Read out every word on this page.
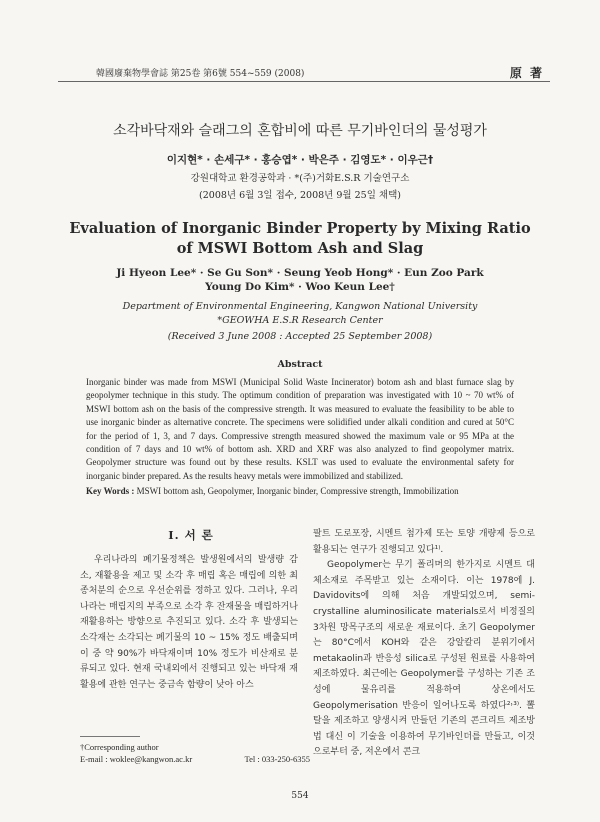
韓國廢棄物學會誌 第25卷 第6號 554~559 (2008)	原 著
소각바닥재와 슬래그의 혼합비에 따른 무기바인더의 물성평가
이지현* · 손세구* · 홍승엽* · 박은주 · 김영도* · 이우근†
강원대학교 환경공학과 · *(주)거화E.S.R 기술연구소
(2008년 6월 3일 접수, 2008년 9월 25일 채택)
Evaluation of Inorganic Binder Property by Mixing Ratio
of MSWI Bottom Ash and Slag
Ji Hyeon Lee* · Se Gu Son* · Seung Yeob Hong* · Eun Zoo Park
Young Do Kim* · Woo Keun Lee†
Department of Environmental Engineering, Kangwon National University
*GEOWHA E.S.R Research Center
(Received 3 June 2008 : Accepted 25 September 2008)
Abstract
Inorganic binder was made from MSWI (Municipal Solid Waste Incinerator) botom ash and blast furnace slag by geopolymer technique in this study. The optimum condition of preparation was investigated with 10 ~ 70 wt% of MSWI bottom ash on the basis of the compressive strength. It was measured to evaluate the feasibility to be able to use inorganic binder as alternative concrete. The specimens were solidified under alkali condition and cured at 50°C for the period of 1, 3, and 7 days. Compressive strength measured showed the maximum vale or 95 MPa at the condition of 7 days and 10 wt% of bottom ash. XRD and XRF was also analyzed to find geopolymer matrix. Geopolymer structure was found out by these results. KSLT was used to evaluate the environmental safety for inorganic binder prepared. As the results heavy metals were immobilized and stabilized.
Key Words : MSWI bottom ash, Geopolymer, Inorganic binder, Compressive strength, Immobilization
I. 서 론

우리나라의 폐기물정책은 발생원에서의 발생량 감소, 재활용을 제고 및 소각 후 매립 혹은 매립에 의한 최종처분의 순으로 우선순위를 정하고 있다. 그러나, 우리나라는 매립지의 부족으로 소각 후 잔재물을 매립하거나 재활용하는 방향으로 추진되고 있다. 소각 후 발생되는 소각재는 소각되는 폐기물의 10 ~ 15% 정도 배출되며 이 중 약 90%가 바닥재이며 10% 정도가 비산재로 분류되고 있다. 현재 국내외에서 진행되고 있는 바닥재 재활용에 관한 연구는 중금속 함량이 낮아 아스

팔트 도로포장, 시멘트 첨가제 또는 토양 개량제 등으로 활용되는 연구가 진행되고 있다¹⁾.

Geopolymer는 무기 폴리머의 한가지로 시멘트 대체소재로 주목받고 있는 소재이다. 이는 1978에 J. Davidovits에 의해 처음 개발되었으며, semi-crystalline aluminosilicate materials로서 비정질의 3차원 망목구조의 새로운 재료이다. 초기 Geopolymer는 80°C에서 KOH와 같은 강알칼리 분위기에서 metakaolin과 반응성 silica로 구성된 원료를 사용하여 제조하였다. 최근에는 Geopolymer를 구성하는 기존 조성에 물유리를 적용하여 상온에서도 Geopolymerisation 반응이 일어나도록 하였다²˒³⁾. 뽈탈을 제조하고 양생시켜 만들던 기존의 콘크리트 제조방법 대신 이 기술을 이용하여 무기바인더를 만들고, 이것으로부터 중, 저온에서 콘크

†Corresponding author
E-mail : woklee@kangwon.ac.kr	Tel : 033-250-6355
554
